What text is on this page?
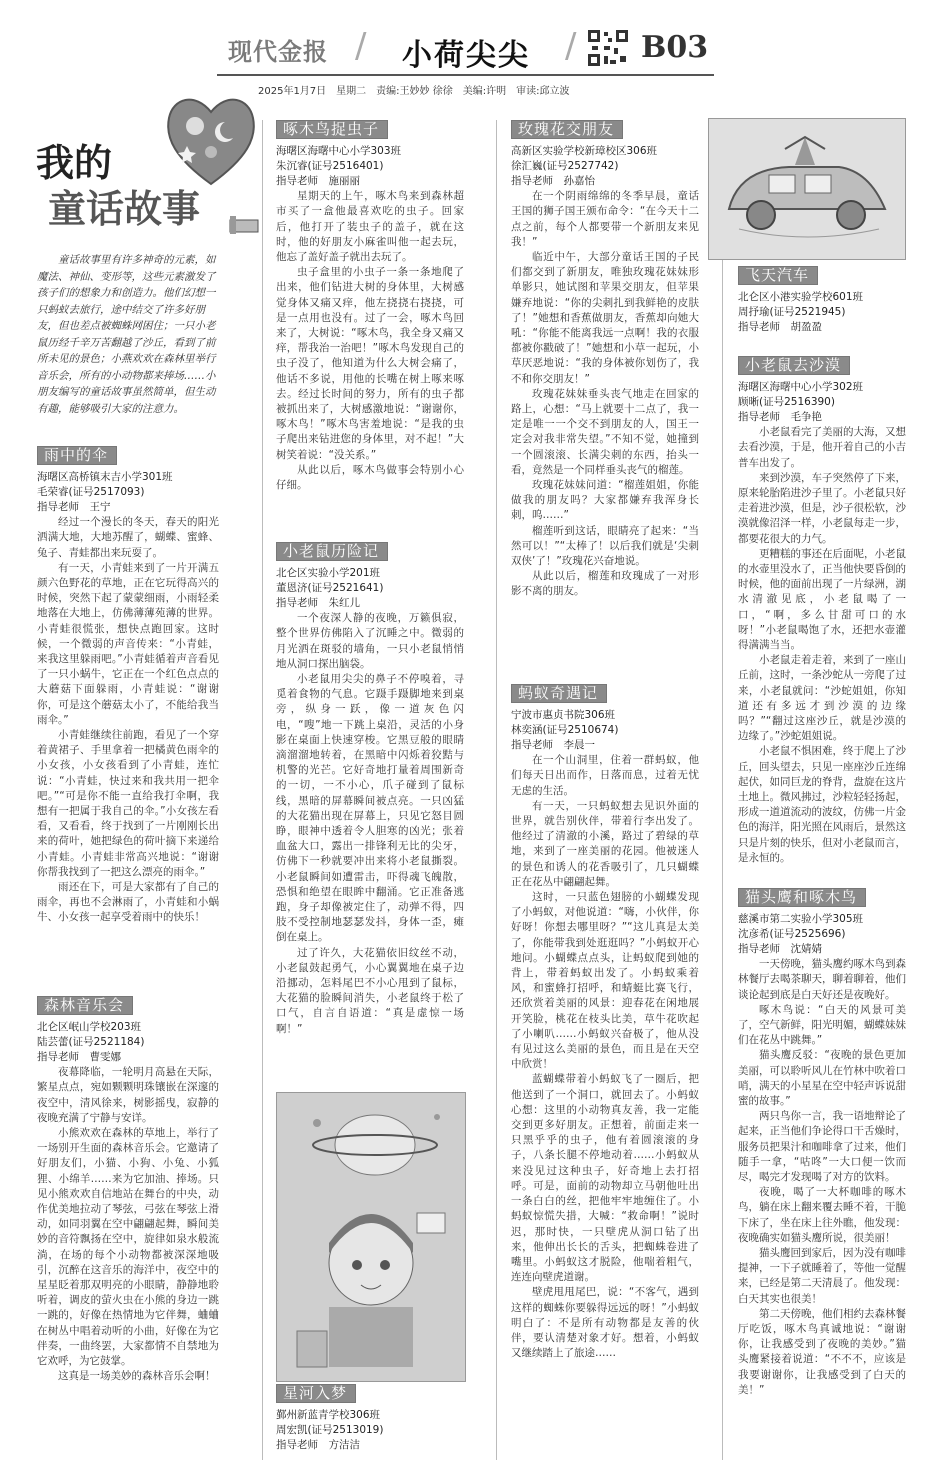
现代金报 / 小荷尖尖 / B03
2025年1月7日　星期二　责编:王妙妙 徐徐　美编:许明　审读:邱立波
我的
童话故事

童话故事里有许多神奇的元素，如魔法、神仙、变形等，这些元素激发了孩子们的想象力和创造力。他们幻想一只蚂蚁去旅行，途中结交了许多好朋友，但也差点被蜘蛛网困住；一只小老鼠历经千辛万苦翻越了沙丘，看到了前所未见的景色；小燕欢欢在森林里举行音乐会，所有的小动物都来捧场……小朋友编写的童话故事虽然简单，但生动有趣，能够吸引大家的注意力。

雨中的伞
海曙区高桥镇末吉小学301班
毛荣睿(证号2517093)
指导老师　王宁

经过一个漫长的冬天，春天的阳光洒满大地，大地苏醒了，蝴蝶、蜜蜂、兔子、青蛙都出来玩耍了。

有一天，小青蛙来到了一片开满五颜六色野花的草地，正在它玩得高兴的时候，突然下起了蒙蒙细雨，小雨轻柔地落在大地上，仿佛薄薄苑薄的世界。小青蛙很慌张，想快点跑回家。这时候，一个微弱的声音传来：“小青蛙，来我这里躲雨吧。”小青蛙循着声音看见了一只小蜗牛，它正在一个红色点点的大蘑菇下面躲雨，小青蛙说：“谢谢你，可是这个蘑菇太小了，不能给我当雨伞。”

小青蛙继续往前跑，看见了一个穿着黄裙子、手里拿着一把橘黄色雨伞的小女孩，小女孩看到了小青蛙，连忙说：“小青蛙，快过来和我共用一把伞吧。”“可是你不能一直给我打伞啊，我想有一把属于我自己的伞。”小女孩左看看，又看看，终于找到了一片刚刚长出来的荷叶，她把绿色的荷叶摘下来递给小青蛙。小青蛙非常高兴地说：“谢谢你帮我找到了一把这么漂亮的雨伞。”

雨还在下，可是大家都有了自己的雨伞，再也不会淋雨了，小青蛙和小蜗牛、小女孩一起享受着雨中的快乐！

森林音乐会
北仑区岷山学校203班
陆芸蕾(证号2521184)
指导老师　曹雯娜

夜幕降临，一轮明月高悬在天际，繁星点点，宛如颗颗明珠镶嵌在深邃的夜空中，清风徐来，树影摇曳，寂静的夜晚充满了宁静与安详。

小熊欢欢在森林的草地上，举行了一场别开生面的森林音乐会。它邀请了好朋友们，小猫、小狗、小兔、小狐狸、小绵羊……来为它加油、捧场。只见小熊欢欢自信地站在舞台的中央，动作优美地拉动了琴弦，弓弦在琴弦上滑动，如同羽翼在空中翩翩起舞，瞬间美妙的音符飘扬在空中，旋律如泉水般流淌，在场的每个小动物都被深深地吸引，沉醉在这音乐的海洋中，夜空中的星星眨着那双明亮的小眼睛，静静地聆听着，调皮的萤火虫在小熊的身边一跳一跳的，好像在热情地为它伴舞，蛐蛐在树丛中唱着动听的小曲，好像在为它伴奏，一曲终罢，大家都情不自禁地为它欢呼，为它鼓掌。

这真是一场美妙的森林音乐会啊！

啄木鸟捉虫子
海曙区海曙中心小学303班
朱沉睿(证号2516401)
指导老师　施丽丽

星期天的上午，啄木鸟来到森林超市买了一盒他最喜欢吃的虫子。回家后，他打开了装虫子的盖子，就在这时，他的好朋友小麻雀叫他一起去玩，他忘了盖好盖子就出去玩了。

虫子盒里的小虫子一条一条地爬了出来，他们钻进大树的身体里，大树感觉身体又痛又痒，他左挠挠右挠挠，可是一点用也没有。过了一会，啄木鸟回来了，大树说：“啄木鸟，我全身又痛又痒，帮我治一治吧！”啄木鸟发现自己的虫子没了，他知道为什么大树会痛了，他话不多说，用他的长嘴在树上啄来啄去。经过长时间的努力，所有的虫子都被抓出来了，大树感激地说：“谢谢你，啄木鸟！”啄木鸟害羞地说：“是我的虫子爬出来钻进您的身体里，对不起！”大树笑着说：“没关系。”

从此以后，啄木鸟做事会特别小心仔细。

小老鼠历险记
北仑区实验小学201班
董恩济(证号2521641)
指导老师　朱红儿

一个夜深人静的夜晚，万籁俱寂，整个世界仿佛陷入了沉睡之中。微弱的月光洒在斑驳的墙角，一只小老鼠悄悄地从洞口探出脑袋。

小老鼠用尖尖的鼻子不停嗅着，寻觅着食物的气息。它蹑手蹑脚地来到桌旁，纵身一跃，像一道灰色闪电，“嗖”地一下跳上桌沿，灵活的小身影在桌面上快速穿梭。它黑豆般的眼睛滴溜溜地转着，在黑暗中闪烁着狡黠与机警的光芒。它好奇地打量着周围新奇的一切，一不小心，爪子碰到了鼠标线，黑暗的屏幕瞬间被点亮。一只凶猛的大花猫出现在屏幕上，只见它怒目圆睁，眼神中透着令人胆寒的凶光；张着血盆大口，露出一排锋利无比的尖牙，仿佛下一秒就要冲出来将小老鼠撕裂。小老鼠瞬间如遭雷击，吓得魂飞魄散，恐惧和绝望在眼眸中翻涌。它正准备逃跑，身子却像被定住了，动弹不得，四肢不受控制地瑟瑟发抖，身体一歪，瘫倒在桌上。

过了许久，大花猫依旧纹丝不动，小老鼠鼓起勇气，小心翼翼地在桌子边沿挪动，怎料尾巴不小心甩到了鼠标，大花猫的脸瞬间消失，小老鼠终于松了口气，自言自语道：“真是虚惊一场啊！”

星河入梦
鄞州新蓝青学校306班
周宏凯(证号2513019)
指导老师　方洁洁
玫瑰花交朋友
高新区实验学校新璋校区306班
徐汇巍(证号2527742)
指导老师　孙嘉怡

在一个阴雨绵绵的冬季早晨，童话王国的狮子国王颁布命令：“在今天十二点之前，每个人都要带一个新朋友来见我！”

临近中午，大部分童话王国的子民们都交到了新朋友，唯独玫瑰花妹妹形单影只，她试图和苹果交朋友，但苹果嫌弃地说：“你的尖刺扎到我鲜艳的皮肤了！”她想和香蕉做朋友，香蕉却向她大吼：“你能不能离我远一点啊！我的衣服都被你戳破了！”她想和小草一起玩，小草厌恶地说：“我的身体被你划伤了，我不和你交朋友！”

玫瑰花妹妹垂头丧气地走在回家的路上，心想：“马上就要十二点了，我一定是唯一一个交不到朋友的人，国王一定会对我非常失望。”不知不觉，她撞到一个圆滚滚、长满尖刺的东西，抬头一看，竟然是一个同样垂头丧气的榴莲。

玫瑰花妹妹问道：“榴莲姐姐，你能做我的朋友吗？大家都嫌弃我浑身长刺，呜……”

榴莲听到这话，眼睛亮了起来：“当然可以！”“太棒了！以后我们就是‘尖刺双侠’了！”玫瑰花兴奋地说。

从此以后，榴莲和玫瑰成了一对形影不离的朋友。

蚂蚁奇遇记
宁波市惠贞书院306班
林奕涵(证号2510674)
指导老师　李晨一

在一个山洞里，住着一群蚂蚁，他们每天日出而作，日落而息，过着无忧无虑的生活。

有一天，一只蚂蚁想去见识外面的世界，就告别伙伴，带着行李出发了。他经过了清澈的小溪，路过了碧绿的草地，来到了一座美丽的花园。他被迷人的景色和诱人的花香吸引了，几只蝴蝶正在花丛中翩翩起舞。

这时，一只蓝色翅膀的小蝴蝶发现了小蚂蚁，对他说道：“嗨，小伙伴，你好呀！你想去哪里呀？”“这儿真是太美了，你能带我到处逛逛吗？”小蚂蚁开心地问。小蝴蝶点点头，让蚂蚁爬到她的背上，带着蚂蚁出发了。小蚂蚁乘着风，和蜜蜂打招呼，和蜻蜓比赛飞行，还欣赏着美丽的风景：迎春花在闲地展开笑脸，桃花在枝头比美，草牛花吹起了小喇叭……小蚂蚁兴奋极了，他从没有见过这么美丽的景色，而且是在天空中欣赏！

蓝蝴蝶带着小蚂蚁飞了一圈后，把他送到了一个洞口，就回去了。小蚂蚁心想：这里的小动物真友善，我一定能交到更多好朋友。正想着，前面走来一只黑乎乎的虫子，他有着圆滚滚的身子，八条长腿不停地动着……小蚂蚁从来没见过这种虫子，好奇地上去打招呼。可是，面前的动物却立马朝他吐出一条白白的丝，把他牢牢地缠住了。小蚂蚁惊慌失措，大喊：“救命啊！”说时迟，那时快，一只壁虎从洞口钻了出来，他伸出长长的舌头，把蜘蛛卷进了嘴里。小蚂蚁这才脱险，他喘着粗气，连连向壁虎道谢。

壁虎甩甩尾巴，说：“不客气，遇到这样的蜘蛛你要躲得远远的呀！”小蚂蚁明白了：不是所有动物都是友善的伙伴，要认清楚对象才好。想着，小蚂蚁又继续踏上了旅途……

飞天汽车
北仑区小港实验学校601班
周抒瑜(证号2521945)
指导老师　胡盈盈
小老鼠去沙漠
海曙区海曙中心小学302班
顾晰(证号2516390)
指导老师　毛争艳

小老鼠看完了美丽的大海，又想去看沙漠，于是，他开着自己的小吉普车出发了。

来到沙漠，车子突然停了下来，原来轮胎陷进沙子里了。小老鼠只好走着进沙漠，但是，沙子很松软，沙漠就像沼泽一样，小老鼠每走一步，都要花很大的力气。

更糟糕的事还在后面呢，小老鼠的水壶里没水了，正当他快要昏倒的时候，他的面前出现了一片绿洲，湖水清澈见底，小老鼠喝了一口，“啊，多么甘甜可口的水呀！”小老鼠喝饱了水，还把水壶灌得满满当当。

小老鼠走着走着，来到了一座山丘前，这时，一条沙蛇从一旁爬了过来，小老鼠就问：“沙蛇姐姐，你知道还有多远才到沙漠的边缘吗？”“翻过这座沙丘，就是沙漠的边缘了。”沙蛇姐姐说。

小老鼠不惧困难，终于爬上了沙丘，回头望去，只见一座座沙丘连绵起伏，如同巨龙的脊背，盘旋在这片土地上。微风拂过，沙粒轻轻扬起，形成一道道流动的波纹，仿佛一片金色的海洋，阳光照在风雨后，景然这只是片刻的快乐，但对小老鼠而言，是永恒的。

猫头鹰和啄木鸟
慈溪市第二实验小学305班
沈彦希(证号2525696)
指导老师　沈婧婧

一天傍晚，猫头鹰约啄木鸟到森林餐厅去喝茶聊天，聊着聊着，他们谈论起到底是白天好还是夜晚好。

啄木鸟说：“白天的风景可美了，空气新鲜，阳光明媚，蝴蝶妹妹们在花丛中跳舞。”

猫头鹰反驳：“夜晚的景色更加美丽，可以聆听风儿在竹林中吹着口哨，满天的小星星在空中轻声诉说甜蜜的故事。”

两只鸟你一言，我一语地辩论了起来，正当他们争论得口干舌燥时，服务员把果汁和咖啡拿了过来，他们随手一拿，“咕咚”一大口便一饮而尽，喝完才发现喝了对方的饮料。

夜晚，喝了一大杯咖啡的啄木鸟，躺在床上翻来覆去睡不着，干脆下床了，坐在床上往外瞧，他发现：夜晚确实如猫头鹰所说，很美丽！

猫头鹰回到家后，因为没有咖啡提神，一下子就睡着了，等他一觉醒来，已经是第二天清晨了。他发现：白天其实也很美！

第二天傍晚，他们相约去森林餐厅吃饭，啄木鸟真诚地说：“谢谢你，让我感受到了夜晚的美妙。”猫头鹰紧接着说道：“不不不，应该是我要谢谢你，让我感受到了白天的美！”
